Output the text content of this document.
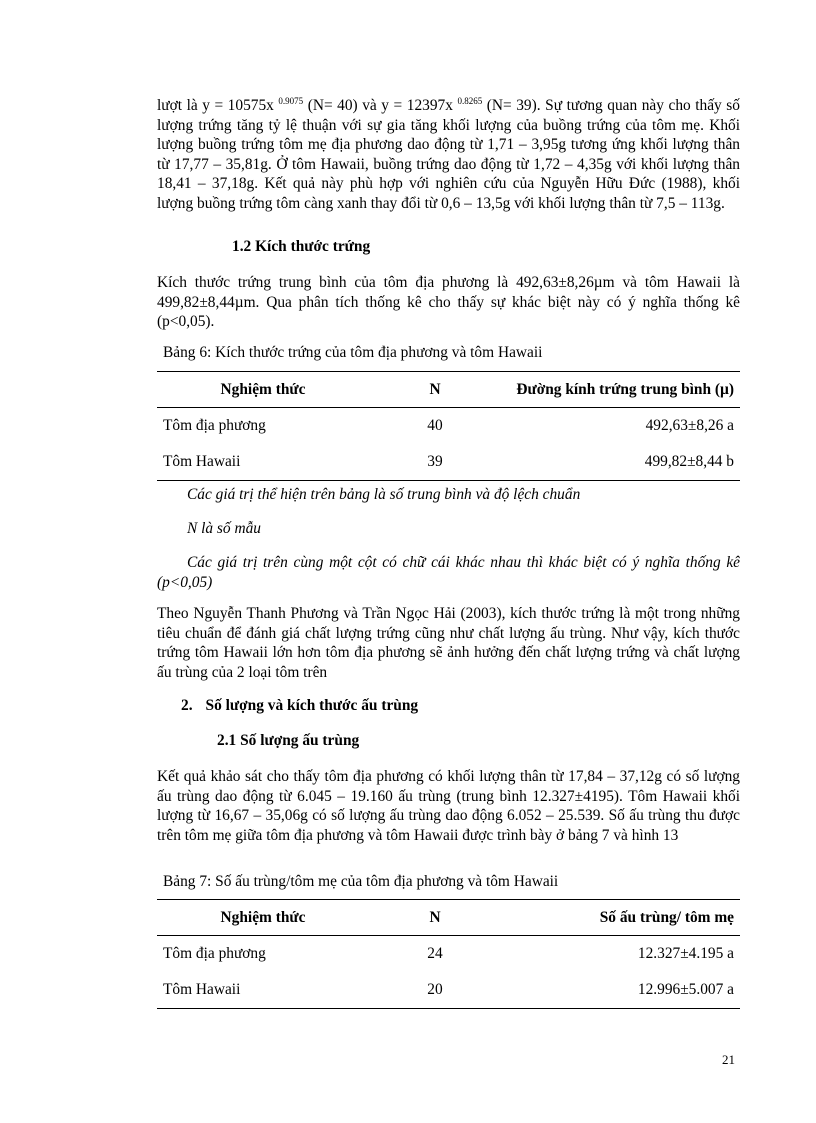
lượt là y = 10575x $^{0.9075}$ (N= 40) và y = 12397x $^{0.8265}$ (N= 39). Sự tương quan này cho thấy số lượng trứng tăng tỷ lệ thuận với sự gia tăng khối lượng của buồng trứng của tôm mẹ. Khối lượng buồng trứng tôm mẹ địa phương dao động từ 1,71 – 3,95g tương ứng khối lượng thân từ 17,77 – 35,81g. Ở tôm Hawaii, buồng trứng dao động từ 1,72 – 4,35g với khối lượng thân 18,41 – 37,18g. Kết quả này phù hợp với nghiên cứu của Nguyễn Hữu Đức (1988), khối lượng buồng trứng tôm càng xanh thay đổi từ 0,6 – 13,5g với khối lượng thân từ 7,5 – 113g.

1.2 Kích thước trứng

Kích thước trứng trung bình của tôm địa phương là 492,63±8,26µm và tôm Hawaii là 499,82±8,44µm. Qua phân tích thống kê cho thấy sự khác biệt này có ý nghĩa thống kê (p<0,05).

Bảng 6: Kích thước trứng của tôm địa phương và tôm Hawaii

Nghiệm thức	N	Đường kính trứng trung bình (µ)
Tôm địa phương	40	492,63±8,26 a
Tôm Hawaii	39	499,82±8,44 b

Các giá trị thể hiện trên bảng là số trung bình và độ lệch chuẩn

N là số mẫu

Các giá trị trên cùng một cột có chữ cái khác nhau thì khác biệt có ý nghĩa thống kê (p<0,05)

Theo Nguyễn Thanh Phương và Trần Ngọc Hải (2003), kích thước trứng là một trong những tiêu chuẩn để đánh giá chất lượng trứng cũng như chất lượng ấu trùng. Như vậy, kích thước trứng tôm Hawaii lớn hơn tôm địa phương sẽ ảnh hưởng đến chất lượng trứng và chất lượng ấu trùng của 2 loại tôm trên

2. Số lượng và kích thước ấu trùng

2.1 Số lượng ấu trùng

Kết quả khảo sát cho thấy tôm địa phương có khối lượng thân từ 17,84 – 37,12g có số lượng ấu trùng dao động từ 6.045 – 19.160 ấu trùng (trung bình 12.327±4195). Tôm Hawaii khối lượng từ 16,67 – 35,06g có số lượng ấu trùng dao động 6.052 – 25.539. Số ấu trùng thu được trên tôm mẹ giữa tôm địa phương và tôm Hawaii được trình bày ở bảng 7 và hình 13

Bảng 7: Số ấu trùng/tôm mẹ của tôm địa phương và tôm Hawaii

Nghiệm thức	N	Số ấu trùng/ tôm mẹ
Tôm địa phương	24	12.327±4.195 a
Tôm Hawaii	20	12.996±5.007 a
21
